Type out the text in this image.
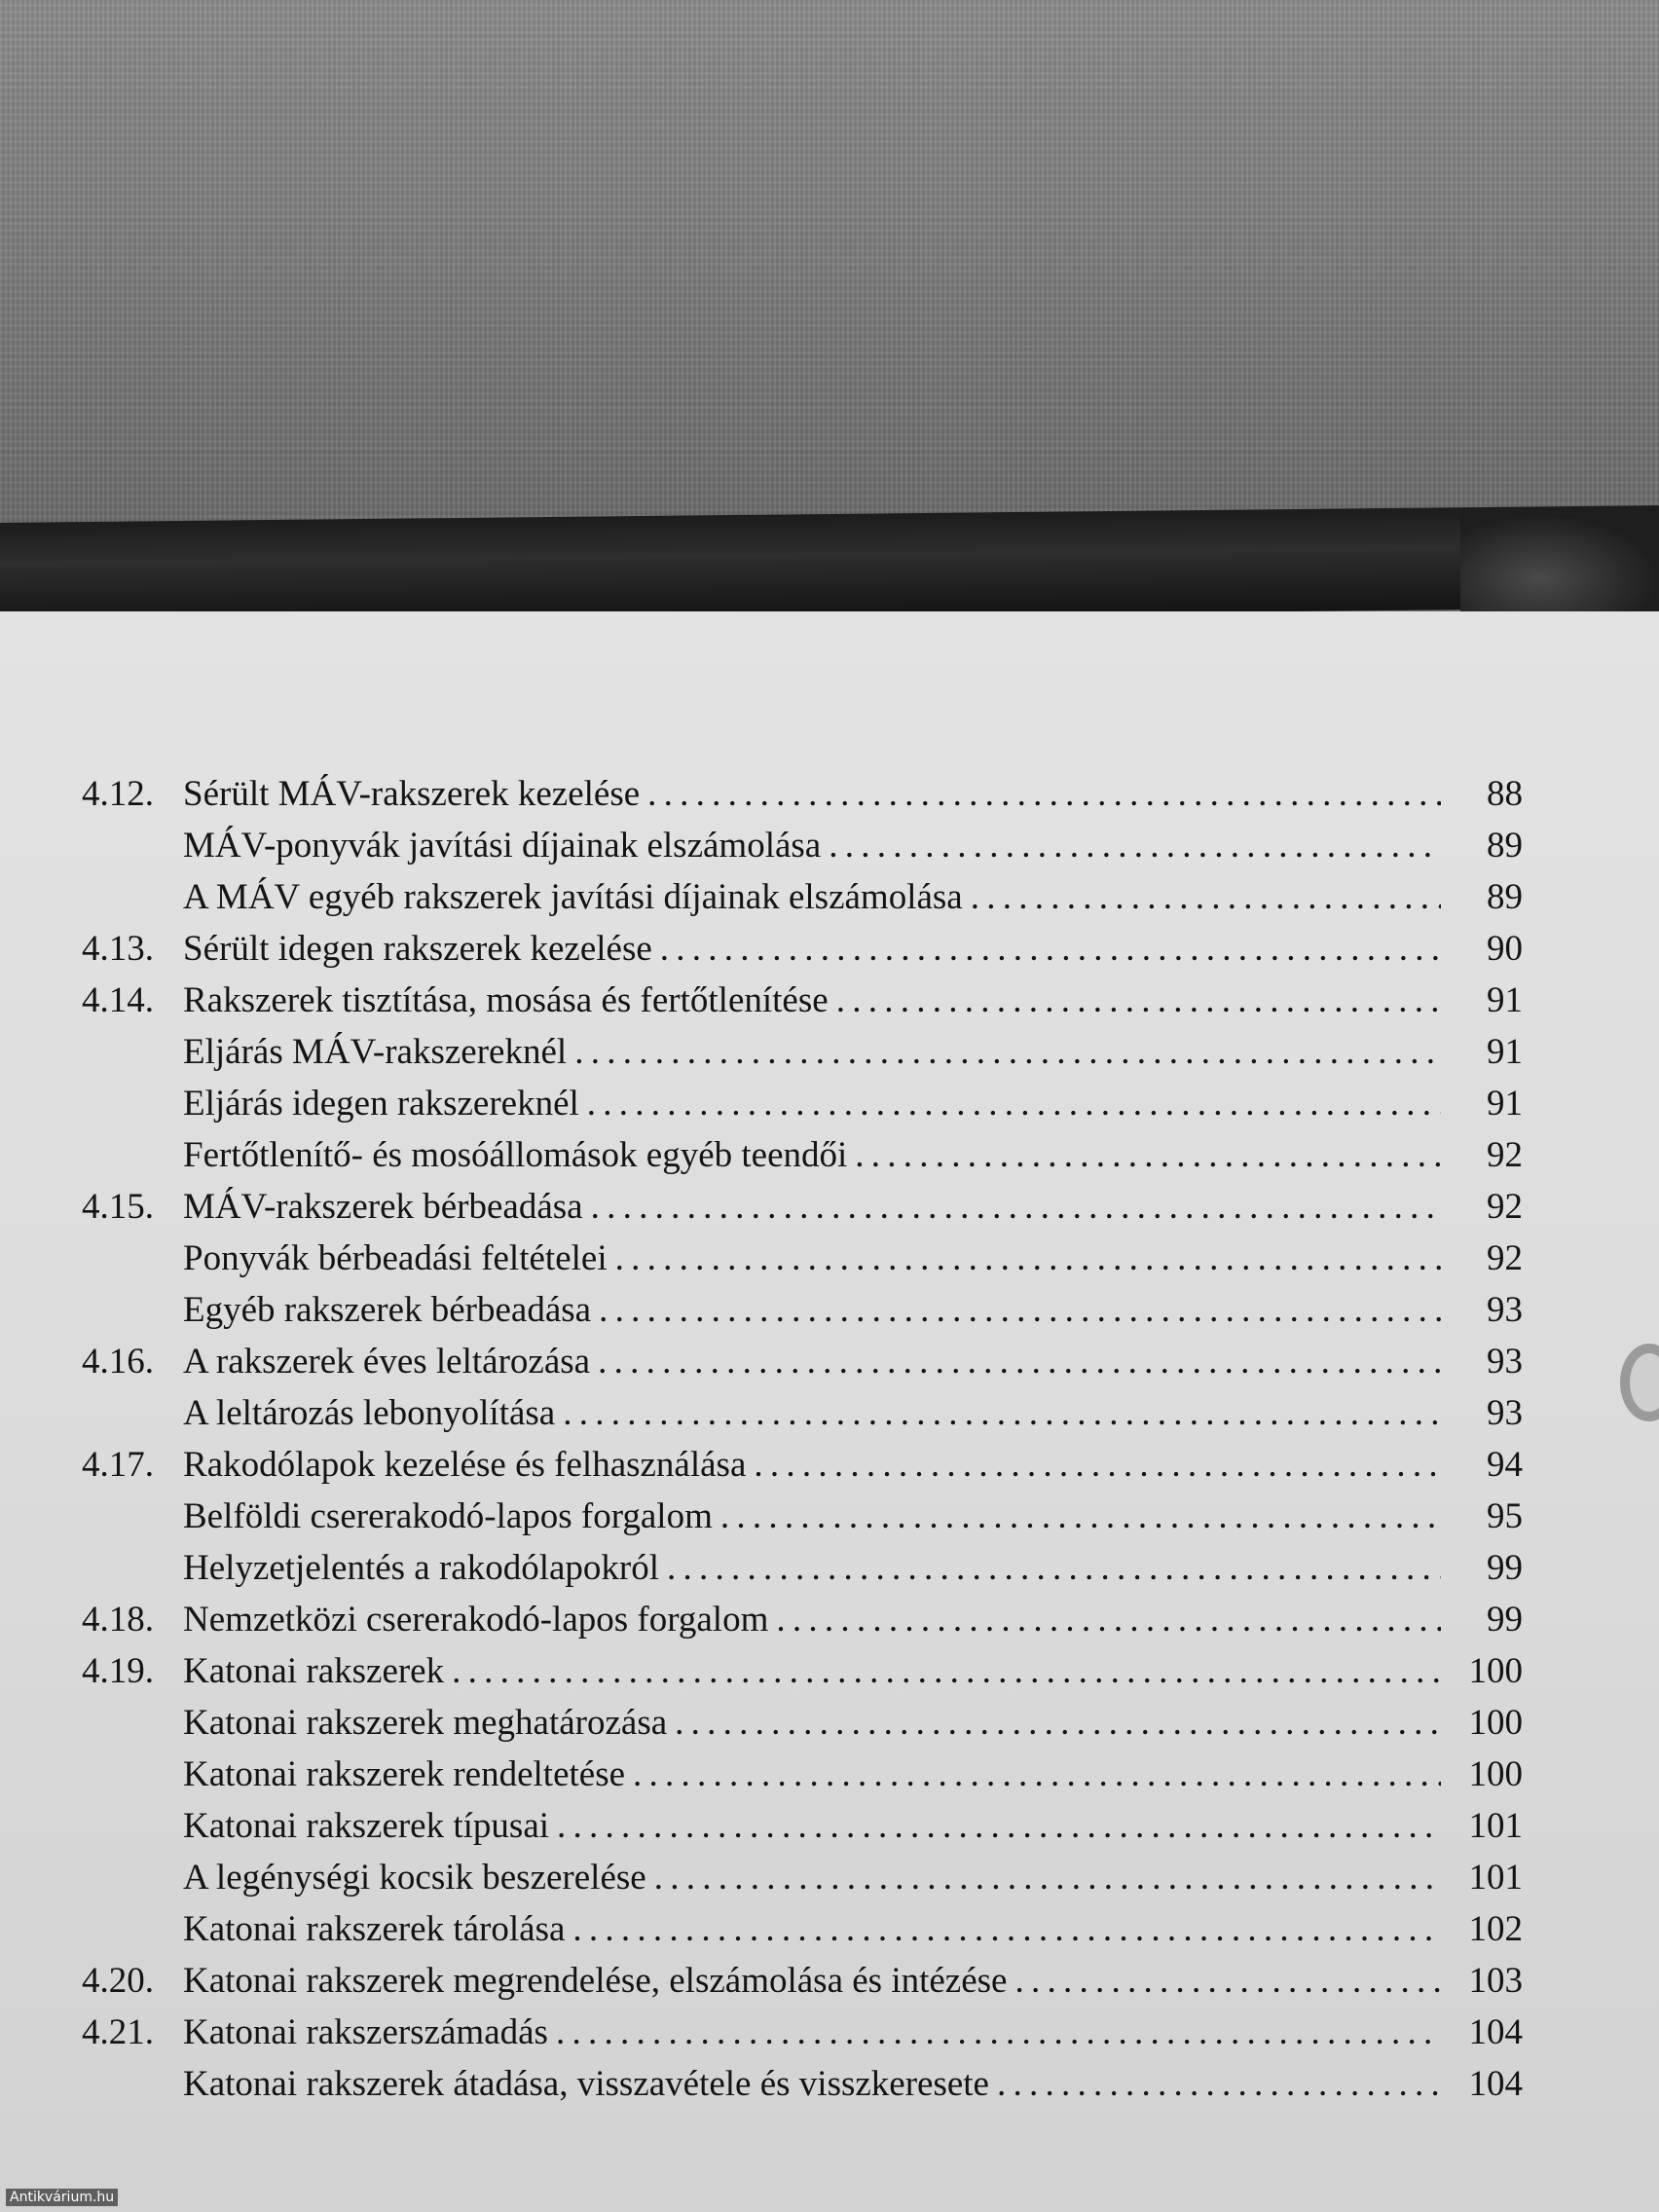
4.12. Sérült MÁV-rakszerek kezelése . . .	88
MÁV-ponyvák javítási díjainak elszámolása . . .	89
A MÁV egyéb rakszerek javítási díjainak elszámolása . . .	89
4.13. Sérült idegen rakszerek kezelése . . .	90
4.14. Rakszerek tisztítása, mosása és fertőtlenítése . . .	91
Eljárás MÁV-rakszereknél . . .	91
Eljárás idegen rakszereknél . . .	91
Fertőtlenítő- és mosóállomások egyéb teendői . . .	92
4.15. MÁV-rakszerek bérbeadása . . .	92
Ponyvák bérbeadási feltételei . . .	92
Egyéb rakszerek bérbeadása . . .	93
4.16. A rakszerek éves leltározása . . .	93
A leltározás lebonyolítása . . .	93
4.17. Rakodólapok kezelése és felhasználása . . .	94
Belföldi csererakodó-lapos forgalom . . .	95
Helyzetjelentés a rakodólapokról . . .	99
4.18. Nemzetközi csererakodó-lapos forgalom . . .	99
4.19. Katonai rakszerek . . .	100
Katonai rakszerek meghatározása . . .	100
Katonai rakszerek rendeltetése . . .	100
Katonai rakszerek típusai . . .	101
A legénységi kocsik beszerelése . . .	101
Katonai rakszerek tárolása . . .	102
4.20. Katonai rakszerek megrendelése, elszámolása és intézése . . .	103
4.21. Katonai rakszerszámadás . . .	104
Katonai rakszerek átadása, visszavétele és visszkeresete . . .	104
Antikvárium.hu
